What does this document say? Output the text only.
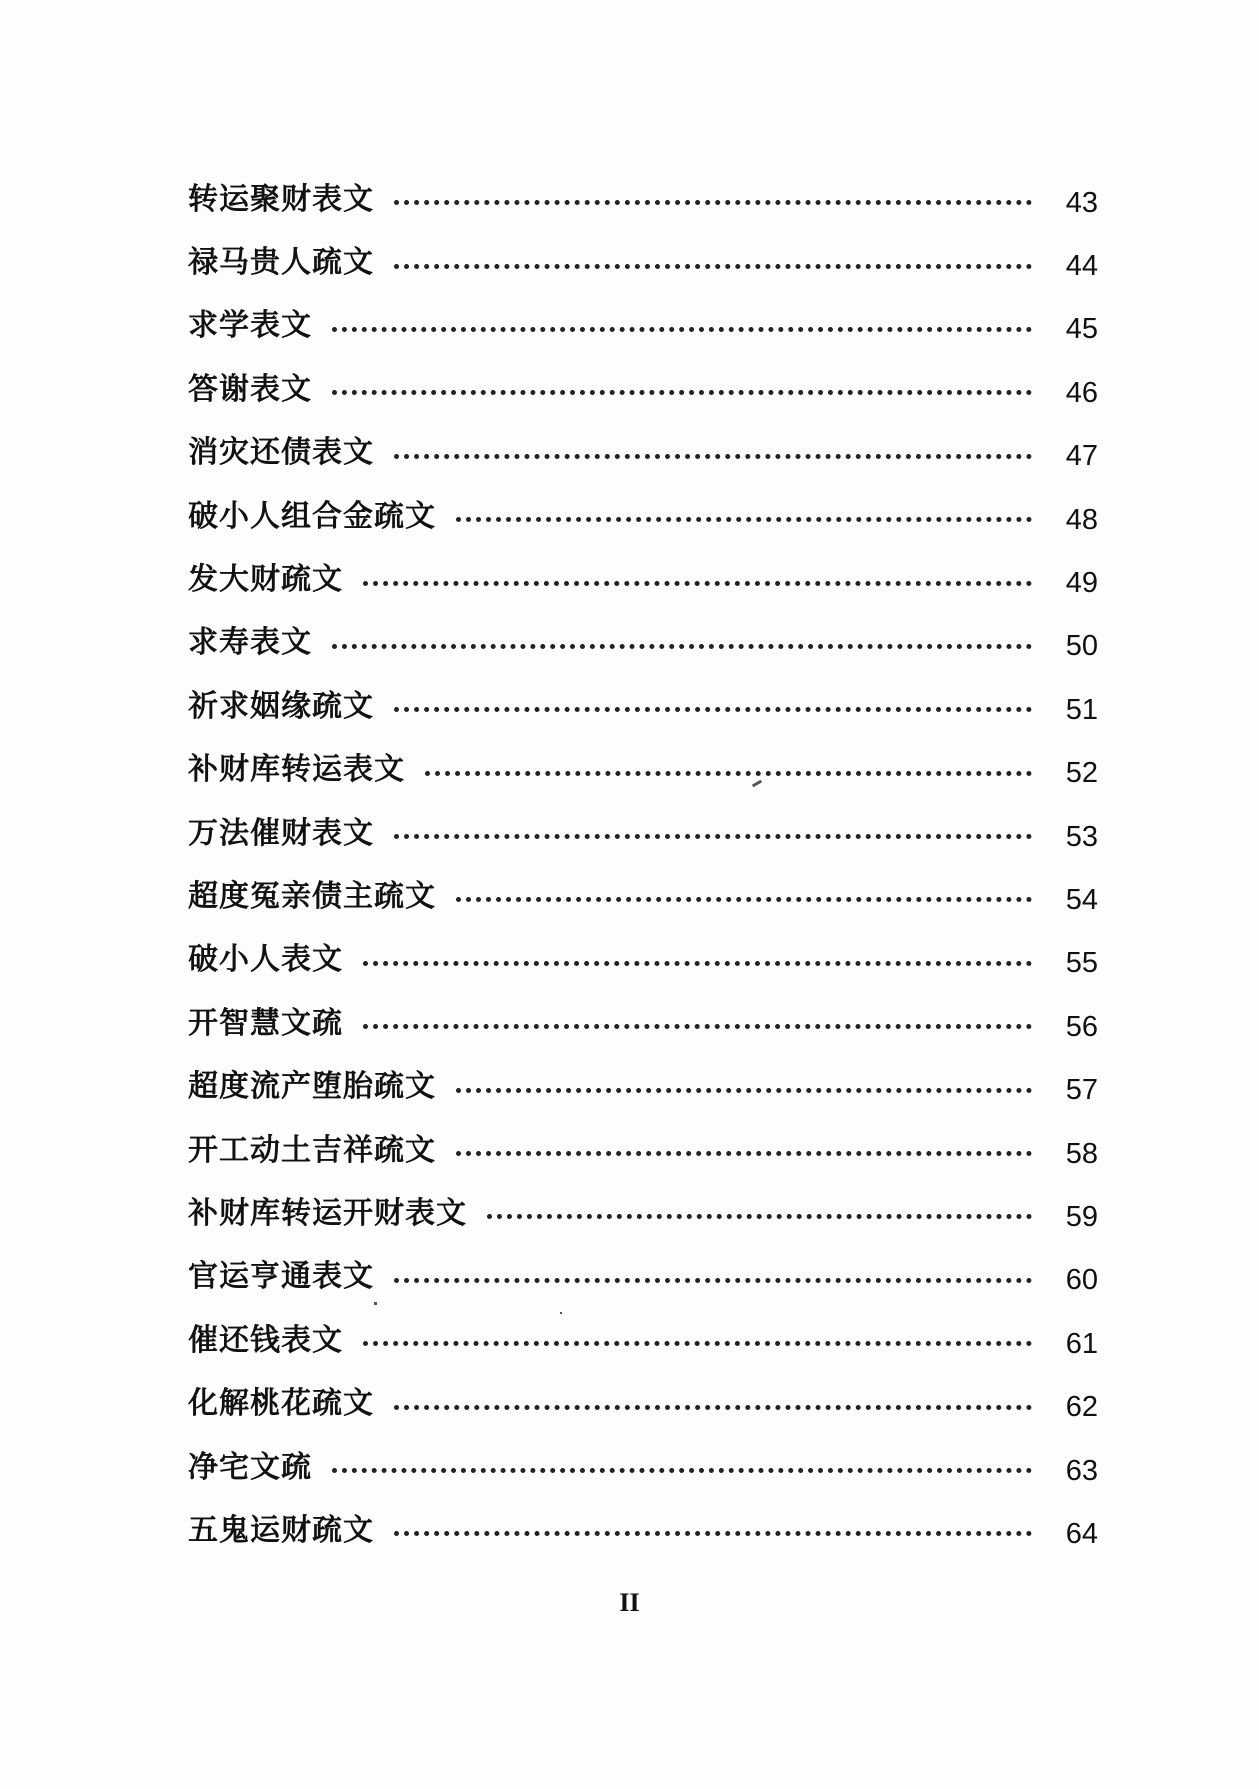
转运聚财表文	43
禄马贵人疏文	44
求学表文	45
答谢表文	46
消灾还债表文	47
破小人组合金疏文	48
发大财疏文	49
求寿表文	50
祈求姻缘疏文	51
补财库转运表文	52
万法催财表文	53
超度冤亲债主疏文	54
破小人表文	55
开智慧文疏	56
超度流产堕胎疏文	57
开工动土吉祥疏文	58
补财库转运开财表文	59
官运亨通表文	60
催还钱表文	61
化解桃花疏文	62
净宅文疏	63
五鬼运财疏文	64
II
